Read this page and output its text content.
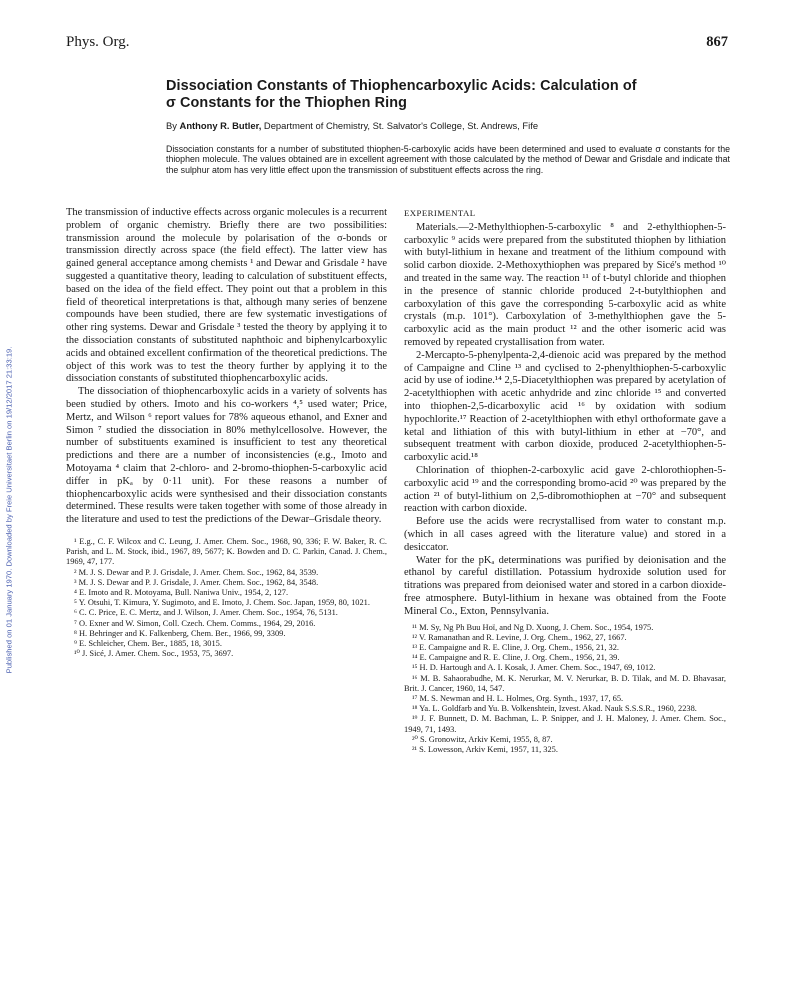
Published on 01 January 1970. Downloaded by Freie Universitaet Berlin on 19/12/2017 21:33:19.
Phys. Org.	867
Dissociation Constants of Thiophencarboxylic Acids: Calculation of
σ Constants for the Thiophen Ring
By Anthony R. Butler, Department of Chemistry, St. Salvator's College, St. Andrews, Fife

Dissociation constants for a number of substituted thiophen-5-carboxylic acids have been determined and used to evaluate σ constants for the thiophen molecule. The values obtained are in excellent agreement with those calculated by the method of Dewar and Grisdale and indicate that the sulphur atom has very little effect upon the transmission of substituent effects across the ring.

The transmission of inductive effects across organic molecules is a recurrent problem of organic chemistry. Briefly there are two possibilities: transmission around the molecule by polarisation of the σ-bonds or transmission directly across space (the field effect). The latter view has gained general acceptance among chemists ¹ and Dewar and Grisdale ² have suggested a quantitative theory, leading to calculation of substituent effects, based on the idea of the field effect. They point out that a problem in this field of theoretical interpretations is that, although many series of benzene compounds have been studied, there are few systematic investigations of other ring systems. Dewar and Grisdale ³ tested the theory by applying it to the dissociation constants of substituted naphthoic and biphenylcarboxylic acids and obtained excellent confirmation of the theoretical predictions. The object of this work was to test the theory further by applying it to the dissociation constants of substituted thiophencarboxylic acids.

The dissociation of thiophencarboxylic acids in a variety of solvents has been studied by others. Imoto and his co-workers ⁴,⁵ used water; Price, Mertz, and Wilson ⁶ report values for 78% aqueous ethanol, and Exner and Simon ⁷ studied the dissociation in 80% methylcellosolve. However, the number of substituents examined is insufficient to test any theoretical predictions and there are a number of inconsistencies (e.g., Imoto and Motoyama ⁴ claim that 2-chloro- and 2-bromo-thiophen-5-carboxylic acid differ in pKₐ by 0·11 unit). For these reasons a number of thiophencarboxylic acids were synthesised and their dissociation constants determined. These results were taken together with some of those already in the literature and used to test the predictions of the Dewar–Grisdale theory.

¹ E.g., C. F. Wilcox and C. Leung, J. Amer. Chem. Soc., 1968, 90, 336; F. W. Baker, R. C. Parish, and L. M. Stock, ibid., 1967, 89, 5677; K. Bowden and D. C. Parkin, Canad. J. Chem., 1969, 47, 177.

² M. J. S. Dewar and P. J. Grisdale, J. Amer. Chem. Soc., 1962, 84, 3539.

³ M. J. S. Dewar and P. J. Grisdale, J. Amer. Chem. Soc., 1962, 84, 3548.

⁴ E. Imoto and R. Motoyama, Bull. Naniwa Univ., 1954, 2, 127.

⁵ Y. Otsuhi, T. Kimura, Y. Sugimoto, and E. Imoto, J. Chem. Soc. Japan, 1959, 80, 1021.

⁶ C. C. Price, E. C. Mertz, and J. Wilson, J. Amer. Chem. Soc., 1954, 76, 5131.

⁷ O. Exner and W. Simon, Coll. Czech. Chem. Comms., 1964, 29, 2016.

⁸ H. Behringer and K. Falkenberg, Chem. Ber., 1966, 99, 3309.

⁹ E. Schleicher, Chem. Ber., 1885, 18, 3015.

¹⁰ J. Sicé, J. Amer. Chem. Soc., 1953, 75, 3697.

EXPERIMENTAL

Materials.—2-Methylthiophen-5-carboxylic ⁸ and 2-ethylthiophen-5-carboxylic ⁹ acids were prepared from the substituted thiophen by lithiation with butyl-lithium in hexane and treatment of the lithium compound with solid carbon dioxide. 2-Methoxythiophen was prepared by Sicé's method ¹⁰ and treated in the same way. The reaction ¹¹ of t-butyl chloride and thiophen in the presence of stannic chloride produced 2-t-butylthiophen and carboxylation of this gave the corresponding 5-carboxylic acid as white crystals (m.p. 101°). Carboxylation of 3-methylthiophen gave the 5-carboxylic acid as the main product ¹² and the other isomeric acid was removed by repeated crystallisation from water.

2-Mercapto-5-phenylpenta-2,4-dienoic acid was prepared by the method of Campaigne and Cline ¹³ and cyclised to 2-phenylthiophen-5-carboxylic acid by use of iodine.¹⁴ 2,5-Diacetylthiophen was prepared by acetylation of 2-acetylthiophen with acetic anhydride and zinc chloride ¹⁵ and converted into thiophen-2,5-dicarboxylic acid ¹⁶ by oxidation with sodium hypochlorite.¹⁷ Reaction of 2-acetylthiophen with ethyl orthoformate gave a ketal and lithiation of this with butyl-lithium in ether at −70°, and subsequent treatment with carbon dioxide, produced 2-acetylthiophen-5-carboxylic acid.¹⁸

Chlorination of thiophen-2-carboxylic acid gave 2-chlorothiophen-5-carboxylic acid ¹⁹ and the corresponding bromo-acid ²⁰ was prepared by the action ²¹ of butyl-lithium on 2,5-dibromothiophen at −70° and subsequent reaction with carbon dioxide.

Before use the acids were recrystallised from water to constant m.p. (which in all cases agreed with the literature value) and stored in a desiccator.

Water for the pKₐ determinations was purified by deionisation and the ethanol by careful distillation. Potassium hydroxide solution used for titrations was prepared from deionised water and stored in a carbon dioxide-free atmosphere. Butyl-lithium in hexane was obtained from the Foote Mineral Co., Exton, Pennsylvania.

¹¹ M. Sy, Ng Ph Buu Hoï, and Ng D. Xuong, J. Chem. Soc., 1954, 1975.

¹² V. Ramanathan and R. Levine, J. Org. Chem., 1962, 27, 1667.

¹³ E. Campaigne and R. E. Cline, J. Org. Chem., 1956, 21, 32.

¹⁴ E. Campaigne and R. E. Cline, J. Org. Chem., 1956, 21, 39.

¹⁵ H. D. Hartough and A. I. Kosak, J. Amer. Chem. Soc., 1947, 69, 1012.

¹⁶ M. B. Sahaorabudhe, M. K. Nerurkar, M. V. Nerurkar, B. D. Tilak, and M. D. Bhavasar, Brit. J. Cancer, 1960, 14, 547.

¹⁷ M. S. Newman and H. L. Holmes, Org. Synth., 1937, 17, 65.

¹⁸ Ya. L. Goldfarb and Yu. B. Volkenshtein, Izvest. Akad. Nauk S.S.S.R., 1960, 2238.

¹⁹ J. F. Bunnett, D. M. Bachman, L. P. Snipper, and J. H. Maloney, J. Amer. Chem. Soc., 1949, 71, 1493.

²⁰ S. Gronowitz, Arkiv Kemi, 1955, 8, 87.

²¹ S. Lowesson, Arkiv Kemi, 1957, 11, 325.
